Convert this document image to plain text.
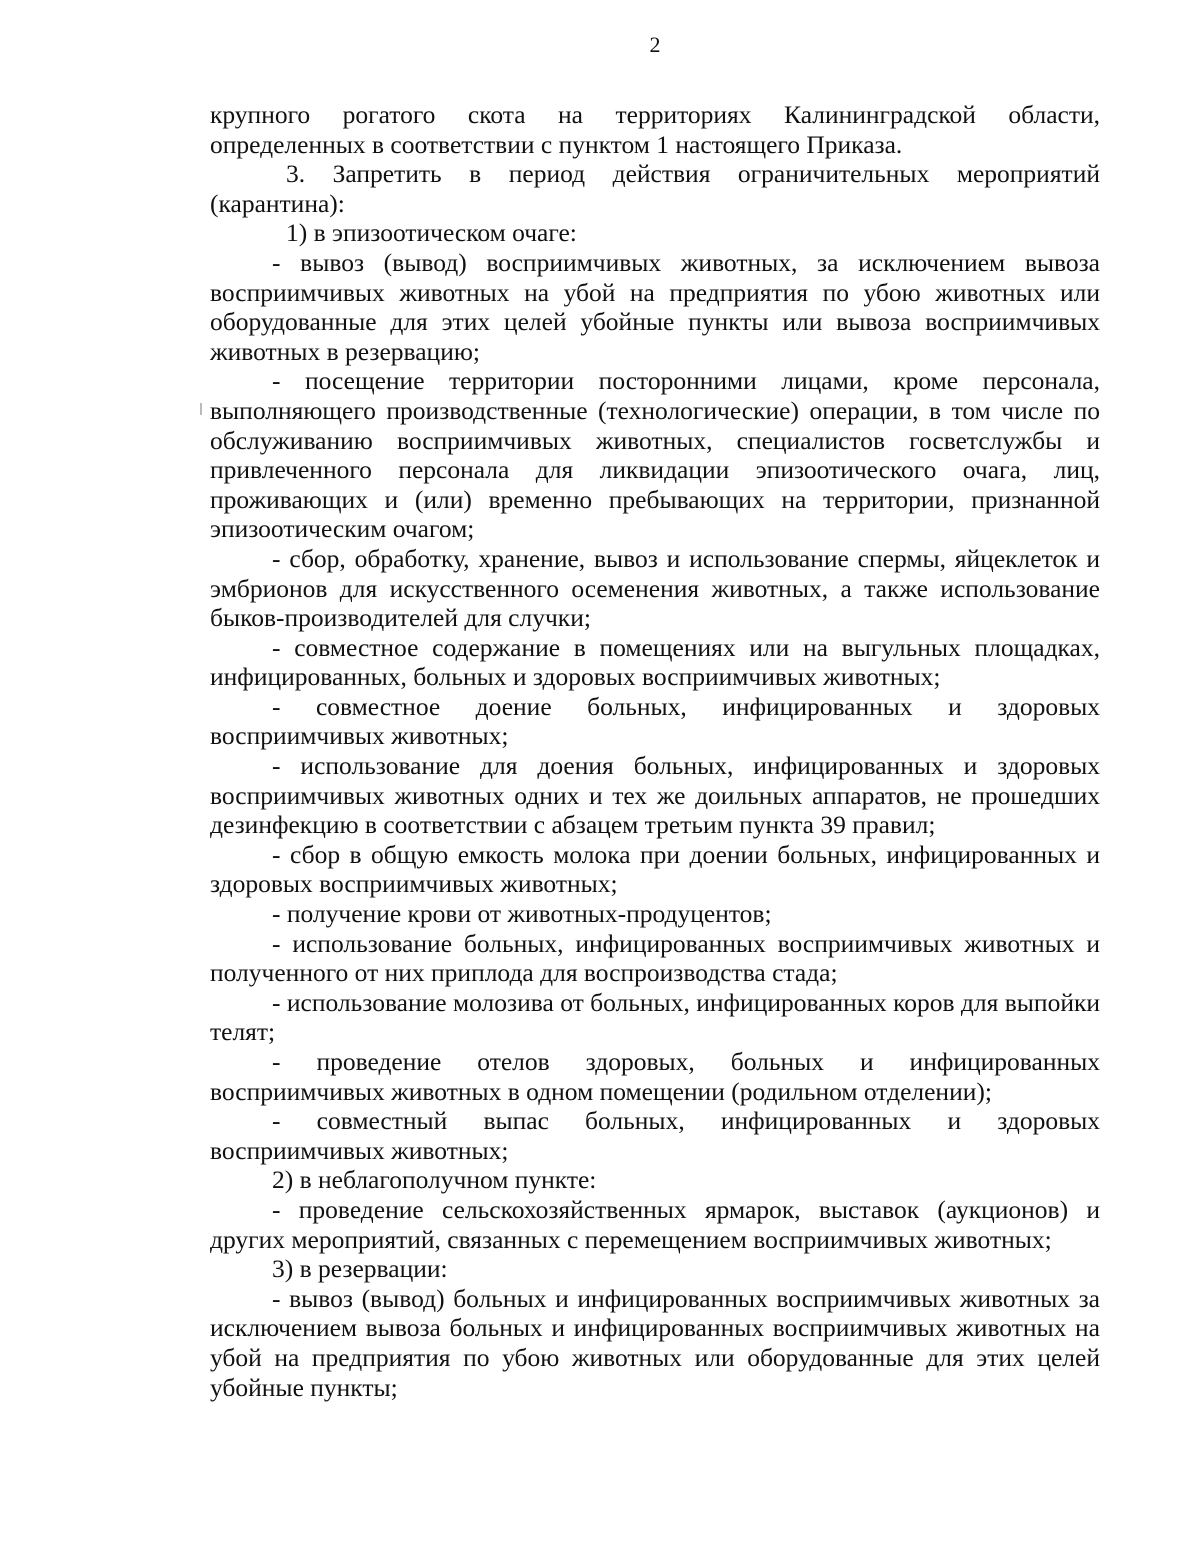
2

крупного рогатого скота на территориях Калининградской области, определенных в соответствии с пунктом 1 настоящего Приказа.

3. Запретить в период действия ограничительных мероприятий (карантина):

1) в эпизоотическом очаге:

- вывоз (вывод) восприимчивых животных, за исключением вывоза восприимчивых животных на убой на предприятия по убою животных или оборудованные для этих целей убойные пункты или вывоза восприимчивых животных в резервацию;

- посещение территории посторонними лицами, кроме персонала, выполняющего производственные (технологические) операции, в том числе по обслуживанию восприимчивых животных, специалистов госветслужбы и привлеченного персонала для ликвидации эпизоотического очага, лиц, проживающих и (или) временно пребывающих на территории, признанной эпизоотическим очагом;

- сбор, обработку, хранение, вывоз и использование спермы, яйцеклеток и эмбрионов для искусственного осеменения животных, а также использование быков-производителей для случки;

- совместное содержание в помещениях или на выгульных площадках, инфицированных, больных и здоровых восприимчивых животных;

- совместное доение больных, инфицированных и здоровых восприимчивых животных;

- использование для доения больных, инфицированных и здоровых восприимчивых животных одних и тех же доильных аппаратов, не прошедших дезинфекцию в соответствии с абзацем третьим пункта 39 правил;

- сбор в общую емкость молока при доении больных, инфицированных и здоровых восприимчивых животных;

- получение крови от животных-продуцентов;

- использование больных, инфицированных восприимчивых животных и полученного от них приплода для воспроизводства стада;

- использование молозива от больных, инфицированных коров для выпойки телят;

- проведение отелов здоровых, больных и инфицированных восприимчивых животных в одном помещении (родильном отделении);

- совместный выпас больных, инфицированных и здоровых восприимчивых животных;

2) в неблагополучном пункте:

- проведение сельскохозяйственных ярмарок, выставок (аукционов) и других мероприятий, связанных с перемещением восприимчивых животных;

3) в резервации:

- вывоз (вывод) больных и инфицированных восприимчивых животных за исключением вывоза больных и инфицированных восприимчивых животных на убой на предприятия по убою животных или оборудованные для этих целей убойные пункты;
